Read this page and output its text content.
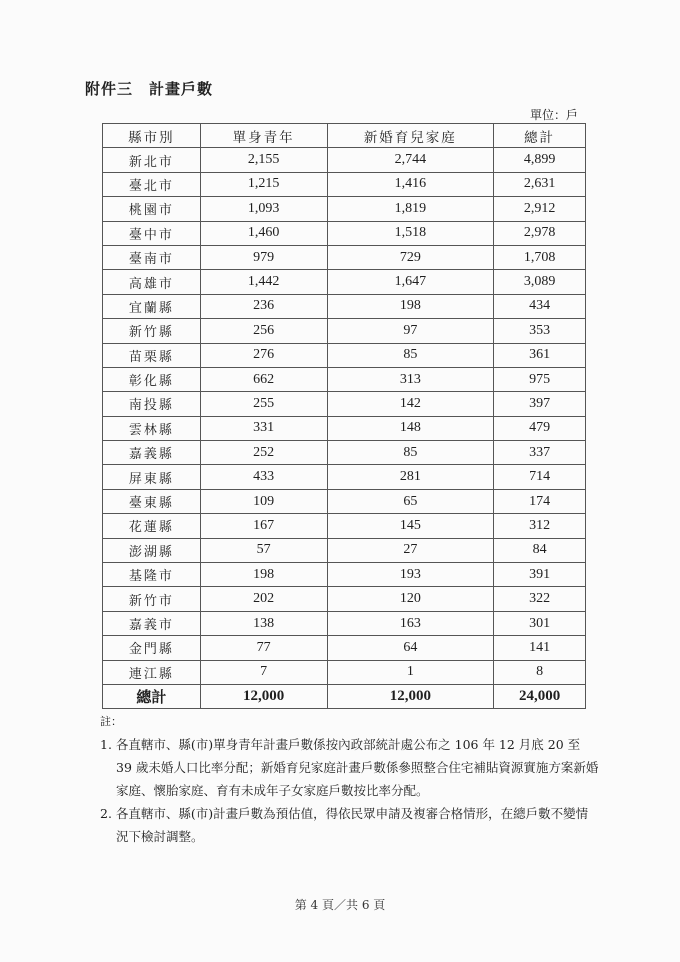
附件三 計畫戶數
單位：戶
縣市別	單身青年	新婚育兒家庭	總計
新北市	2,155	2,744	4,899
臺北市	1,215	1,416	2,631
桃園市	1,093	1,819	2,912
臺中市	1,460	1,518	2,978
臺南市	979	729	1,708
高雄市	1,442	1,647	3,089
宜蘭縣	236	198	434
新竹縣	256	97	353
苗栗縣	276	85	361
彰化縣	662	313	975
南投縣	255	142	397
雲林縣	331	148	479
嘉義縣	252	85	337
屏東縣	433	281	714
臺東縣	109	65	174
花蓮縣	167	145	312
澎湖縣	57	27	84
基隆市	198	193	391
新竹市	202	120	322
嘉義市	138	163	301
金門縣	77	64	141
連江縣	7	1	8
總計	12,000	12,000	24,000
註：
1. 各直轄市、縣(市)單身青年計畫戶數係按內政部統計處公布之 106 年 12 月底 20 至 39 歲未婚人口比率分配；新婚育兒家庭計畫戶數係參照整合住宅補貼資源實施方案新婚家庭、懷胎家庭、育有未成年子女家庭戶數按比率分配。
2. 各直轄市、縣(市)計畫戶數為預估值，得依民眾申請及複審合格情形，在總戶數不變情況下檢討調整。
第 4 頁／共 6 頁
